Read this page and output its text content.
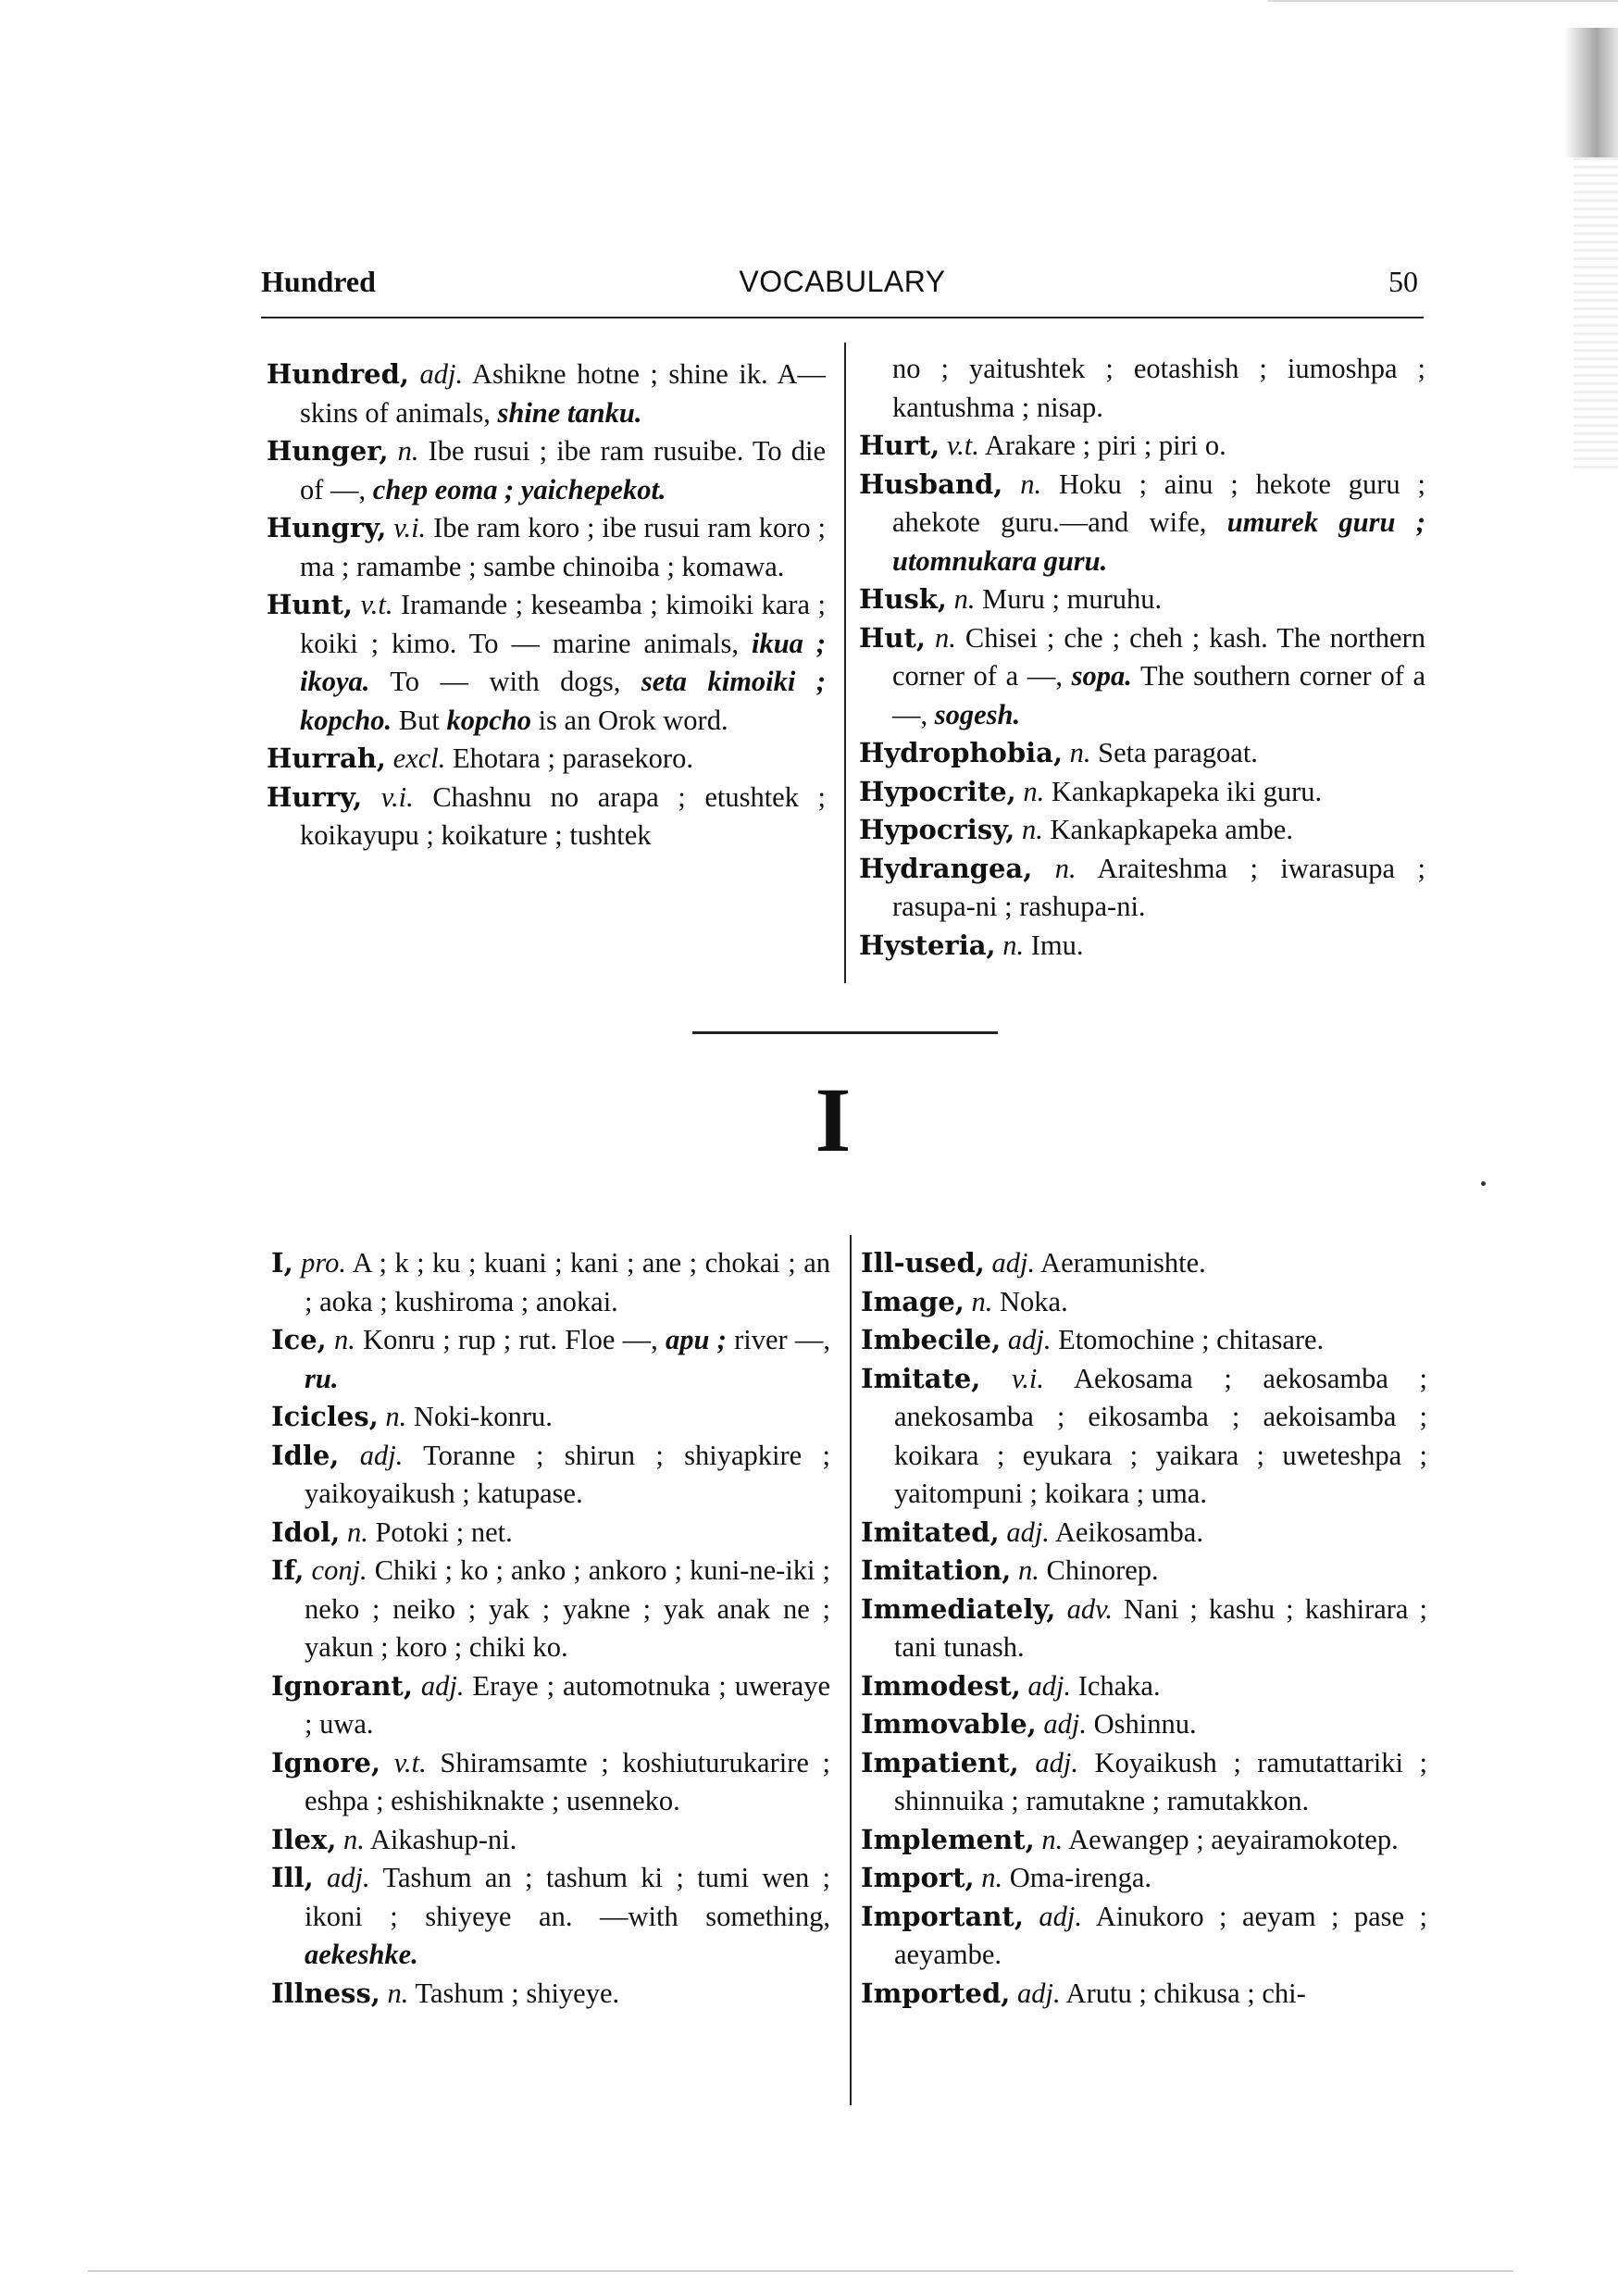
Hundred	VOCABULARY	50
Hundred, adj. Ashikne hotne ; shine ik. A—skins of animals, shine tanku.
Hunger, n. Ibe rusui ; ibe ram rusuibe. To die of —, chep eoma ; yaichepekot.
Hungry, v.i. Ibe ram koro ; ibe rusui ram koro ; ma ; ramambe ; sambe chinoiba ; komawa.
Hunt, v.t. Iramande ; keseamba ; kimoiki kara ; koiki ; kimo. To — marine animals, ikua ; ikoya. To — with dogs, seta kimoiki ; kopcho. But kopcho is an Orok word.
Hurrah, excl. Ehotara ; parasekoro.
Hurry, v.i. Chashnu no arapa ; etushtek ; koikayupu ; koikature ; tushtek
no ; yaitushtek ; eotashish ; iumoshpa ; kantushma ; nisap.
Hurt, v.t. Arakare ; piri ; piri o.
Husband, n. Hoku ; ainu ; hekote guru ; ahekote guru.—and wife, umurek guru ; utomnukara guru.
Husk, n. Muru ; muruhu.
Hut, n. Chisei ; che ; cheh ; kash. The northern corner of a —, sopa. The southern corner of a —, sogesh.
Hydrophobia, n. Seta paragoat.
Hypocrite, n. Kankapkapeka iki guru.
Hypocrisy, n. Kankapkapeka ambe.
Hydrangea, n. Araiteshma ; iwarasupa ; rasupa-ni ; rashupa-ni.
Hysteria, n. Imu.
I
I, pro. A ; k ; ku ; kuani ; kani ; ane ; chokai ; an ; aoka ; kushiroma ; anokai.
Ice, n. Konru ; rup ; rut. Floe —, apu ; river —, ru.
Icicles, n. Noki-konru.
Idle, adj. Toranne ; shirun ; shiyapkire ; yaikoyaikush ; katupase.
Idol, n. Potoki ; net.
If, conj. Chiki ; ko ; anko ; ankoro ; kuni-ne-iki ; neko ; neiko ; yak ; yakne ; yak anak ne ; yakun ; koro ; chiki ko.
Ignorant, adj. Eraye ; automotnuka ; uweraye ; uwa.
Ignore, v.t. Shiramsamte ; koshiuturukarire ; eshpa ; eshishiknakte ; usenneko.
Ilex, n. Aikashup-ni.
Ill, adj. Tashum an ; tashum ki ; tumi wen ; ikoni ; shiyeye an. —with something, aekeshke.
Illness, n. Tashum ; shiyeye.
Ill-used, adj. Aeramunishte.
Image, n. Noka.
Imbecile, adj. Etomochine ; chitasare.
Imitate, v.i. Aekosama ; aekosamba ; anekosamba ; eikosamba ; aekoisamba ; koikara ; eyukara ; yaikara ; uweteshpa ; yaitompuni ; koikara ; uma.
Imitated, adj. Aeikosamba.
Imitation, n. Chinorep.
Immediately, adv. Nani ; kashu ; kashirara ; tani tunash.
Immodest, adj. Ichaka.
Immovable, adj. Oshinnu.
Impatient, adj. Koyaikush ; ramutattariki ; shinnuika ; ramutakne ; ramutakkon.
Implement, n. Aewangep ; aeyairamokotep.
Import, n. Oma-irenga.
Important, adj. Ainukoro ; aeyam ; pase ; aeyambe.
Imported, adj. Arutu ; chikusa ; chi-
